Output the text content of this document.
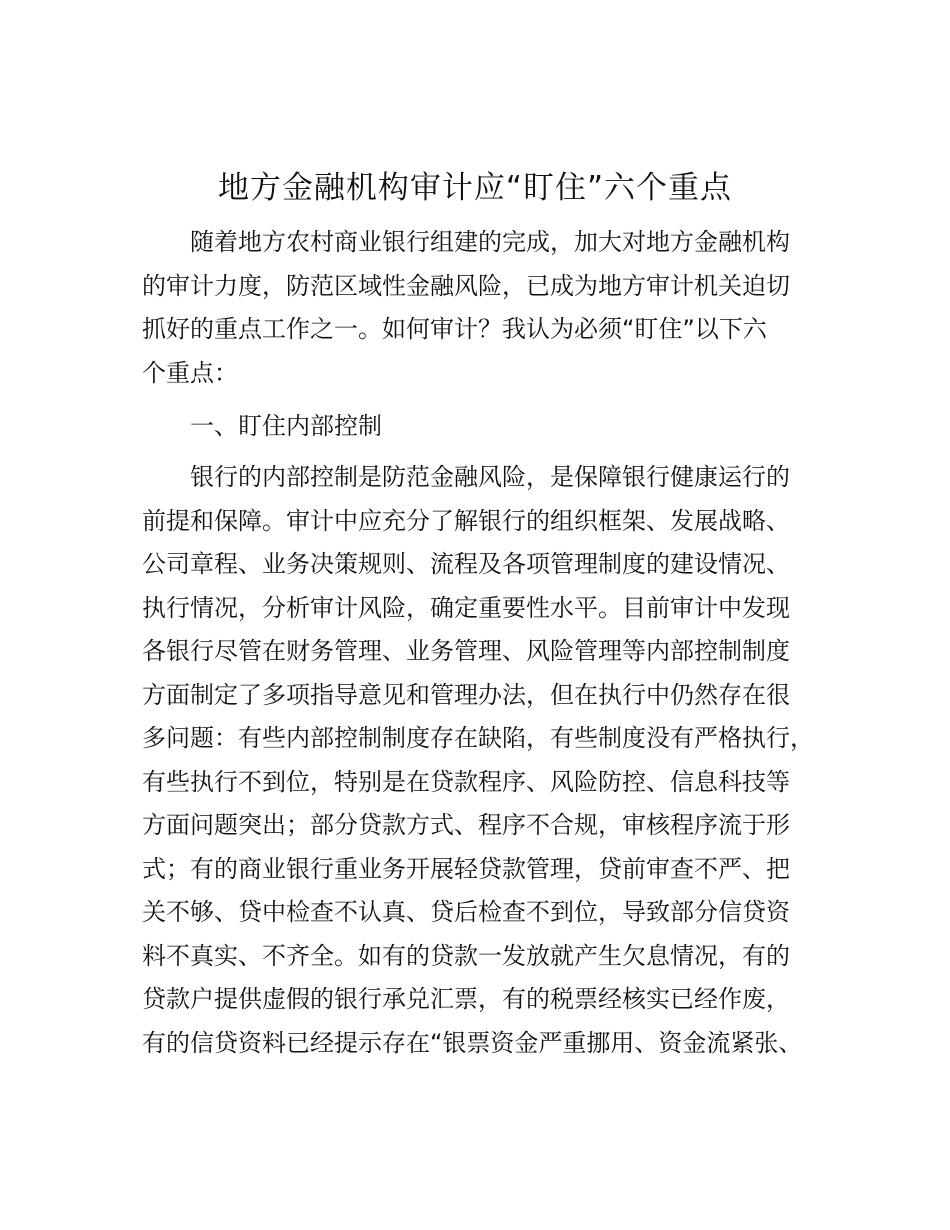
地方金融机构审计应“盯住”六个重点
随着地方农村商业银行组建的完成，加大对地方金融机构
的审计力度，防范区域性金融风险，已成为地方审计机关迫切
抓好的重点工作之一。如何审计？我认为必须“盯住”以下六
个重点：
一、盯住内部控制
银行的内部控制是防范金融风险，是保障银行健康运行的
前提和保障。审计中应充分了解银行的组织框架、发展战略、
公司章程、业务决策规则、流程及各项管理制度的建设情况、
执行情况，分析审计风险，确定重要性水平。目前审计中发现
各银行尽管在财务管理、业务管理、风险管理等内部控制制度
方面制定了多项指导意见和管理办法，但在执行中仍然存在很
多问题：有些内部控制制度存在缺陷，有些制度没有严格执行，
有些执行不到位，特别是在贷款程序、风险防控、信息科技等
方面问题突出；部分贷款方式、程序不合规，审核程序流于形
式；有的商业银行重业务开展轻贷款管理，贷前审查不严、把
关不够、贷中检查不认真、贷后检查不到位，导致部分信贷资
料不真实、不齐全。如有的贷款一发放就产生欠息情况，有的
贷款户提供虚假的银行承兑汇票，有的税票经核实已经作废，
有的信贷资料已经提示存在“银票资金严重挪用、资金流紧张、
